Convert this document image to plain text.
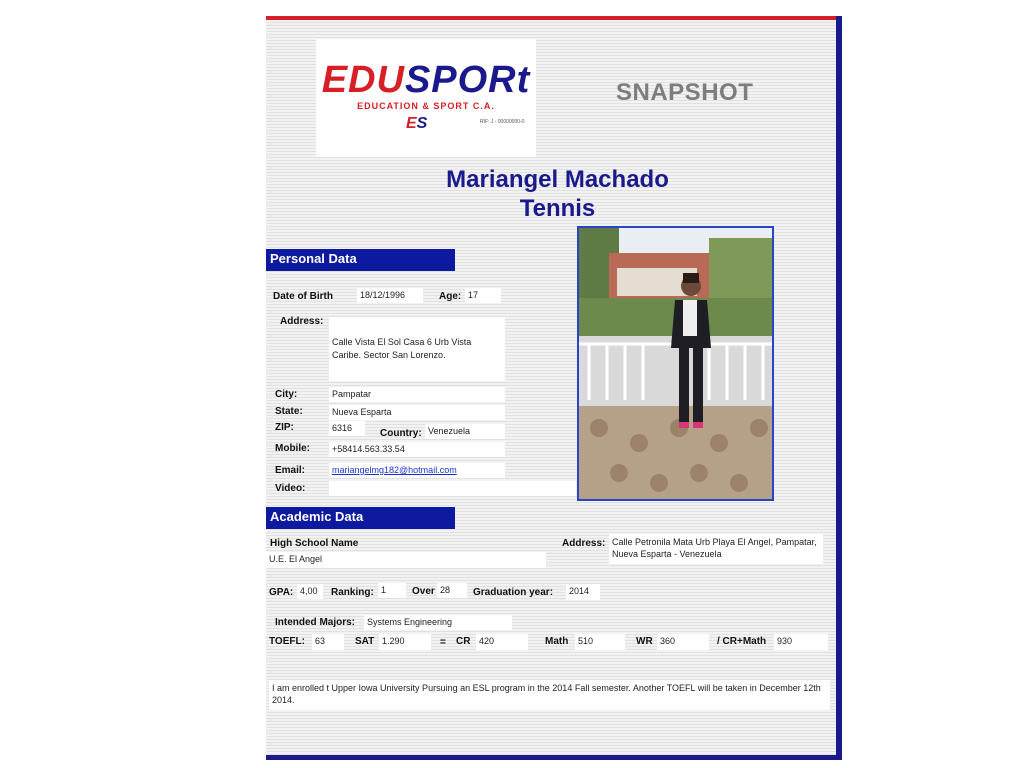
EDUSPORt
EDUCATION & SPORT C.A.
ES	RIF: J - 00000000-0
SNAPSHOT
Mariangel Machado
Tennis
Personal Data
Date of Birth	18/12/1996	Age: 17
Address:
Calle Vista El Sol Casa 6 Urb Vista Caribe. Sector San Lorenzo.
City:	Pampatar
State:	Nueva Esparta
ZIP:	6316	Country: Venezuela
Mobile:	+58414.563.33.54
Email:	mariangelmg182@hotmail.com
Video:
Academic Data
High School Name
U.E. El Angel
Address: Calle Petronila Mata Urb Playa El Angel, Pampatar, Nueva Esparta - Venezuela
GPA: 4,00	Ranking: 1	Over 28	Graduation year:	2014
Intended Majors:	Systems Engineering
TOEFL:	63	SAT 1.290	= CR 420	Math	510	WR 360	/ CR+Math	930
I am enrolled t Upper Iowa University Pursuing an ESL program in the 2014 Fall semester. Another TOEFL will be taken in December 12th 2014.
